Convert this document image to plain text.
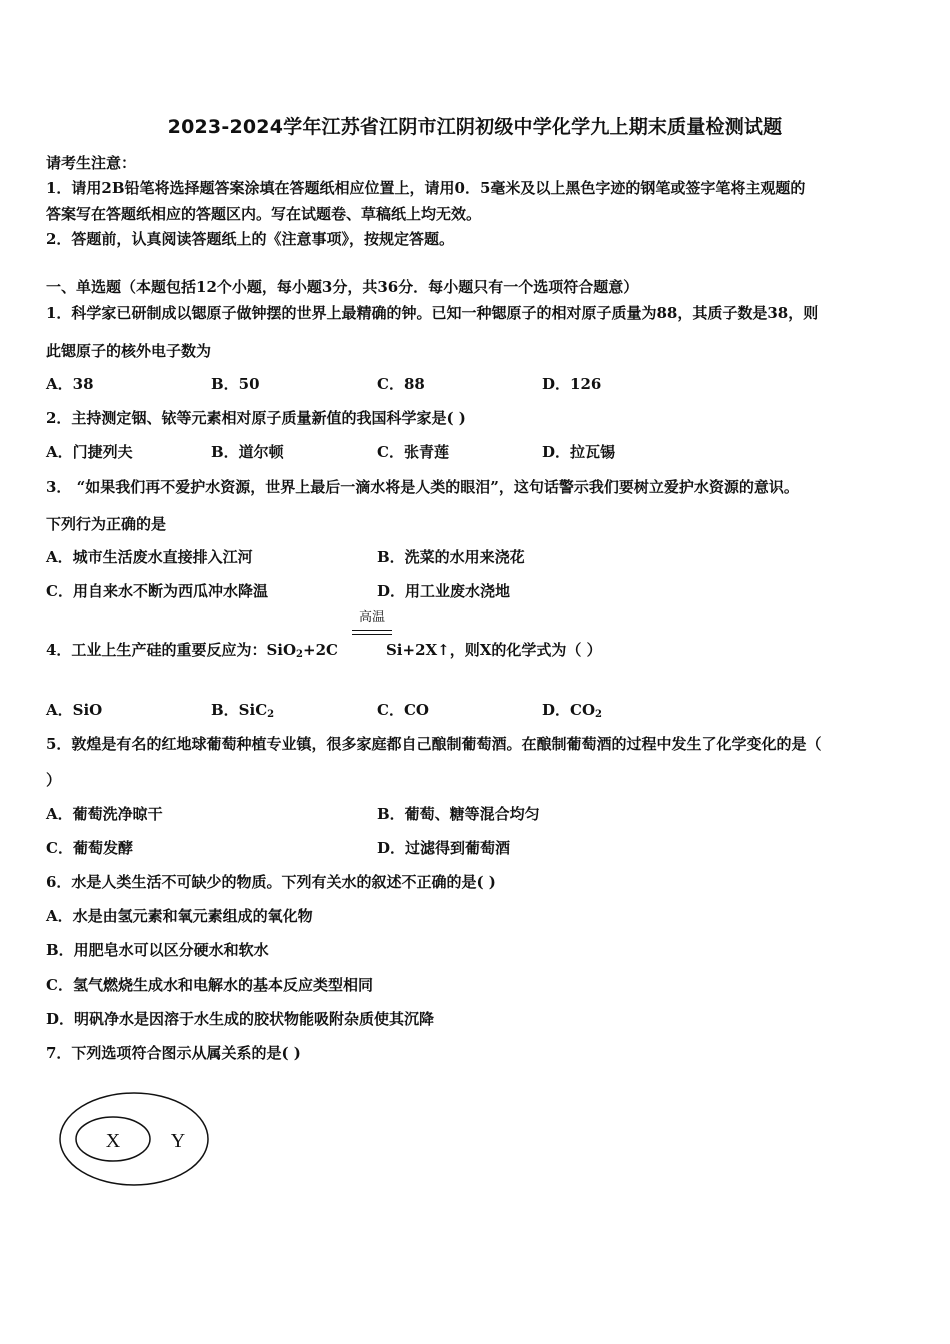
2023-2024学年江苏省江阴市江阴初级中学化学九上期末质量检测试题
请考生注意：
1．请用2B铅笔将选择题答案涂填在答题纸相应位置上，请用0．5毫米及以上黑色字迹的钢笔或签字笔将主观题的
答案写在答题纸相应的答题区内。写在试题卷、草稿纸上均无效。
2．答题前，认真阅读答题纸上的《注意事项》，按规定答题。
一、单选题（本题包括12个小题，每小题3分，共36分．每小题只有一个选项符合题意）
1．科学家已研制成以锶原子做钟摆的世界上最精确的钟。已知一种锶原子的相对原子质量为88，其质子数是38，则
此锶原子的核外电子数为
A．38	B．50	C．88	D．126
2．主持测定铟、铱等元素相对原子质量新值的我国科学家是( )
A．门捷列夫	B．道尔顿	C．张青莲	D．拉瓦锡
3． “如果我们再不爱护水资源，世界上最后一滴水将是人类的眼泪”，这句话警示我们要树立爱护水资源的意识。
下列行为正确的是
A．城市生活废水直接排入江河	B．洗菜的水用来浇花
C．用自来水不断为西瓜冲水降温	D．用工业废水浇地
4．工业上生产硅的重要反应为：SiO$_2$+2C	Si+2X↑，则X的化学式为（ ）
高温
A．SiO	B．SiC$_2$	C．CO	D．$CO_2$
5．敦煌是有名的红地球葡萄种植专业镇，很多家庭都自己酿制葡萄酒。在酿制葡萄酒的过程中发生了化学变化的是（
）
A．葡萄洗净晾干	B．葡萄、糖等混合均匀
C．葡萄发酵	D．过滤得到葡萄酒
6．水是人类生活不可缺少的物质。下列有关水的叙述不正确的是( )
A．水是由氢元素和氧元素组成的氧化物
B．用肥皂水可以区分硬水和软水
C．氢气燃烧生成水和电解水的基本反应类型相同
D．明矾净水是因溶于水生成的胶状物能吸附杂质使其沉降
7．下列选项符合图示从属关系的是( )
X	Y
